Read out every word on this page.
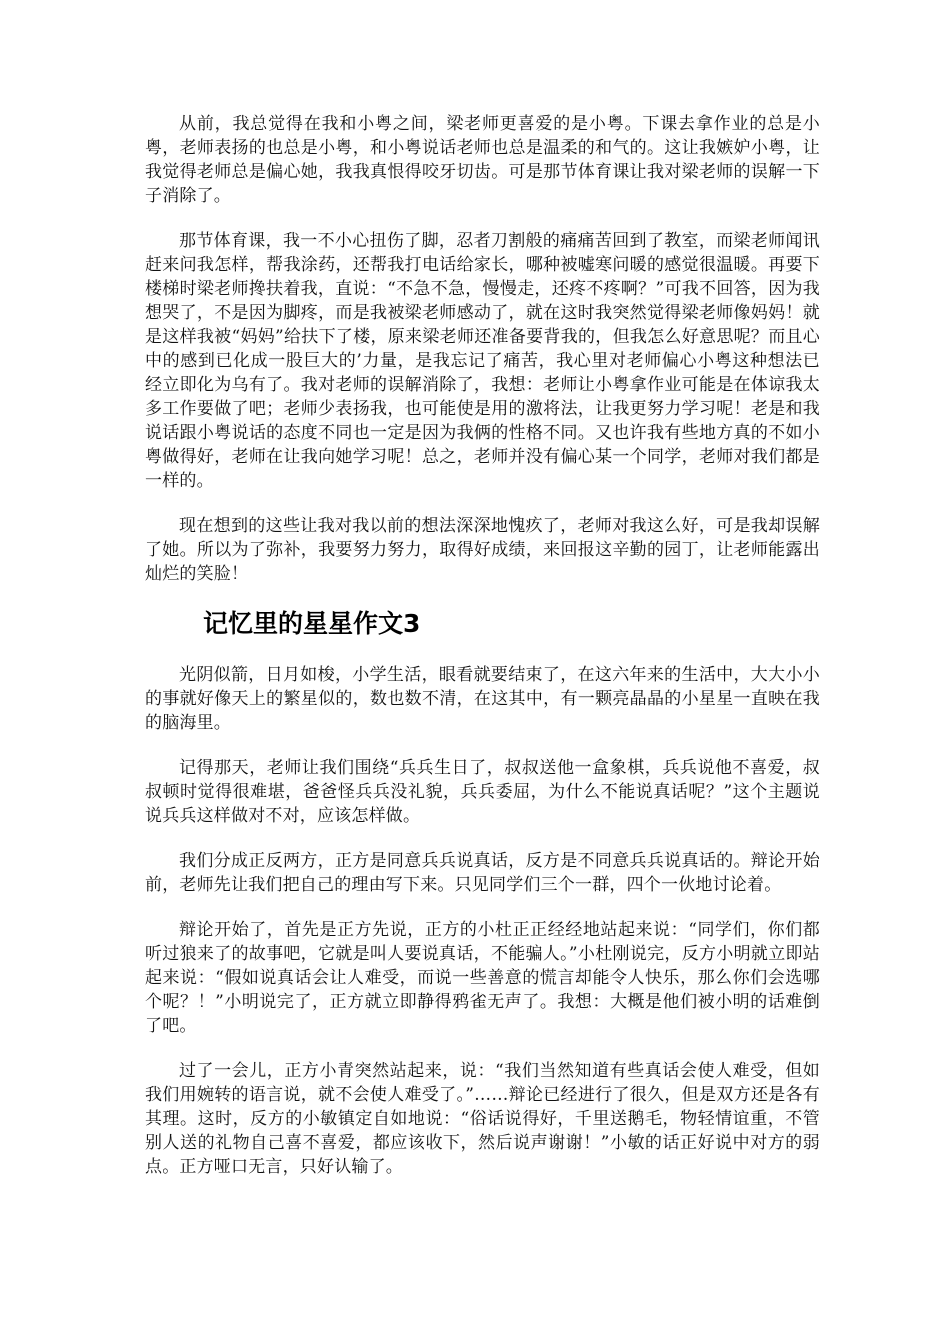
从前，我总觉得在我和小粤之间，梁老师更喜爱的是小粤。下课去拿作业的总是小粤，老师表扬的也总是小粤，和小粤说话老师也总是温柔的和气的。这让我嫉妒小粤，让我觉得老师总是偏心她，我我真恨得咬牙切齿。可是那节体育课让我对梁老师的误解一下子消除了。

那节体育课，我一不小心扭伤了脚，忍者刀割般的痛痛苦回到了教室，而梁老师闻讯赶来问我怎样，帮我涂药，还帮我打电话给家长，哪种被嘘寒问暖的感觉很温暖。再要下楼梯时梁老师搀扶着我，直说：“不急不急，慢慢走，还疼不疼啊？”可我不回答，因为我想哭了，不是因为脚疼，而是我被梁老师感动了，就在这时我突然觉得梁老师像妈妈！就是这样我被“妈妈”给扶下了楼，原来梁老师还准备要背我的，但我怎么好意思呢？而且心中的感到已化成一股巨大的’力量，是我忘记了痛苦，我心里对老师偏心小粤这种想法已经立即化为乌有了。我对老师的误解消除了，我想：老师让小粤拿作业可能是在体谅我太多工作要做了吧；老师少表扬我，也可能使是用的激将法，让我更努力学习呢！老是和我说话跟小粤说话的态度不同也一定是因为我俩的性格不同。又也许我有些地方真的不如小粤做得好，老师在让我向她学习呢！总之，老师并没有偏心某一个同学，老师对我们都是一样的。

现在想到的这些让我对我以前的想法深深地愧疚了，老师对我这么好，可是我却误解了她。所以为了弥补，我要努力努力，取得好成绩，来回报这辛勤的园丁，让老师能露出灿烂的笑脸！

记忆里的星星作文3

光阴似箭，日月如梭，小学生活，眼看就要结束了，在这六年来的生活中，大大小小的事就好像天上的繁星似的，数也数不清，在这其中，有一颗亮晶晶的小星星一直映在我的脑海里。

记得那天，老师让我们围绕“兵兵生日了，叔叔送他一盒象棋，兵兵说他不喜爱，叔叔顿时觉得很难堪，爸爸怪兵兵没礼貌，兵兵委屈，为什么不能说真话呢？”这个主题说说兵兵这样做对不对，应该怎样做。

我们分成正反两方，正方是同意兵兵说真话，反方是不同意兵兵说真话的。辩论开始前，老师先让我们把自己的理由写下来。只见同学们三个一群，四个一伙地讨论着。

辩论开始了，首先是正方先说，正方的小杜正正经经地站起来说：“同学们，你们都听过狼来了的故事吧，它就是叫人要说真话，不能骗人。”小杜刚说完，反方小明就立即站起来说：“假如说真话会让人难受，而说一些善意的慌言却能令人快乐，那么你们会选哪个呢？！”小明说完了，正方就立即静得鸦雀无声了。我想：大概是他们被小明的话难倒了吧。

过了一会儿，正方小青突然站起来，说：“我们当然知道有些真话会使人难受，但如我们用婉转的语言说，就不会使人难受了。”……辩论已经进行了很久，但是双方还是各有其理。这时，反方的小敏镇定自如地说：“俗话说得好，千里送鹅毛，物轻情谊重，不管别人送的礼物自己喜不喜爱，都应该收下，然后说声谢谢！”小敏的话正好说中对方的弱点。正方哑口无言，只好认输了。
